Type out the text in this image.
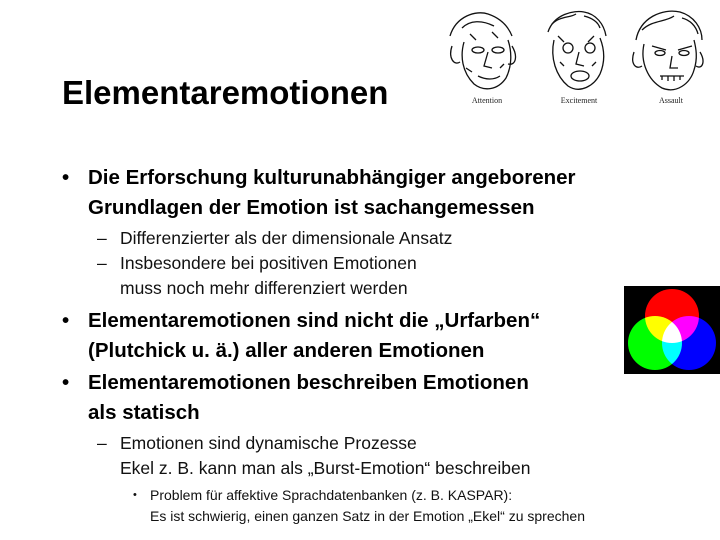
Elementaremotionen	Attention	Excitement	Assault
• Die Erforschung kulturunabhängiger angeborener
Grundlagen der Emotion ist sachangemessen
– Differenzierter als der dimensionale Ansatz
– Insbesondere bei positiven Emotionen
muss noch mehr differenziert werden
• Elementaremotionen sind nicht die „Urfarben“
(Plutchick u. ä.) aller anderen Emotionen
• Elementaremotionen beschreiben Emotionen
als statisch
– Emotionen sind dynamische Prozesse
Ekel z. B. kann man als „Burst-Emotion“ beschreiben
• Problem für affektive Sprachdatenbanken (z. B. KASPAR):
Es ist schwierig, einen ganzen Satz in der Emotion „Ekel“ zu sprechen
